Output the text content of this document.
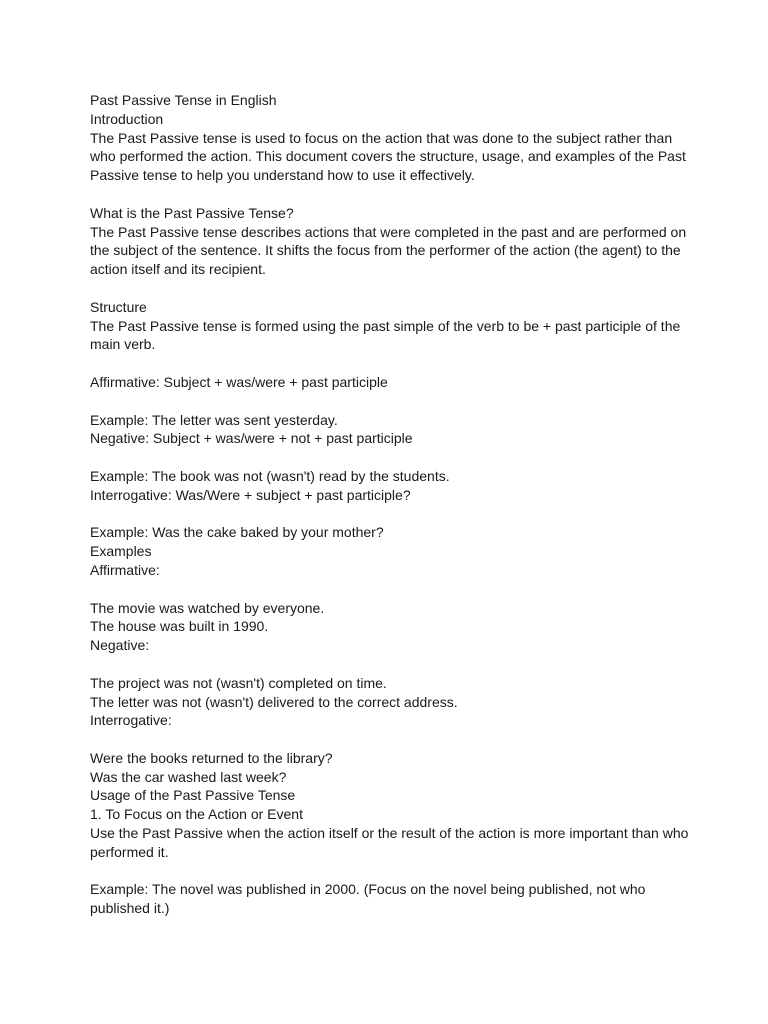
Past Passive Tense in English

Introduction

The Past Passive tense is used to focus on the action that was done to the subject rather than who performed the action. This document covers the structure, usage, and examples of the Past Passive tense to help you understand how to use it effectively.

What is the Past Passive Tense?

The Past Passive tense describes actions that were completed in the past and are performed on the subject of the sentence. It shifts the focus from the performer of the action (the agent) to the action itself and its recipient.

Structure

The Past Passive tense is formed using the past simple of the verb to be + past participle of the main verb.

Affirmative: Subject + was/were + past participle

Example: The letter was sent yesterday.

Negative: Subject + was/were + not + past participle

Example: The book was not (wasn't) read by the students.

Interrogative: Was/Were + subject + past participle?

Example: Was the cake baked by your mother?

Examples

Affirmative:

The movie was watched by everyone.

The house was built in 1990.

Negative:

The project was not (wasn't) completed on time.

The letter was not (wasn't) delivered to the correct address.

Interrogative:

Were the books returned to the library?

Was the car washed last week?

Usage of the Past Passive Tense

1. To Focus on the Action or Event

Use the Past Passive when the action itself or the result of the action is more important than who performed it.

Example: The novel was published in 2000. (Focus on the novel being published, not who published it.)
